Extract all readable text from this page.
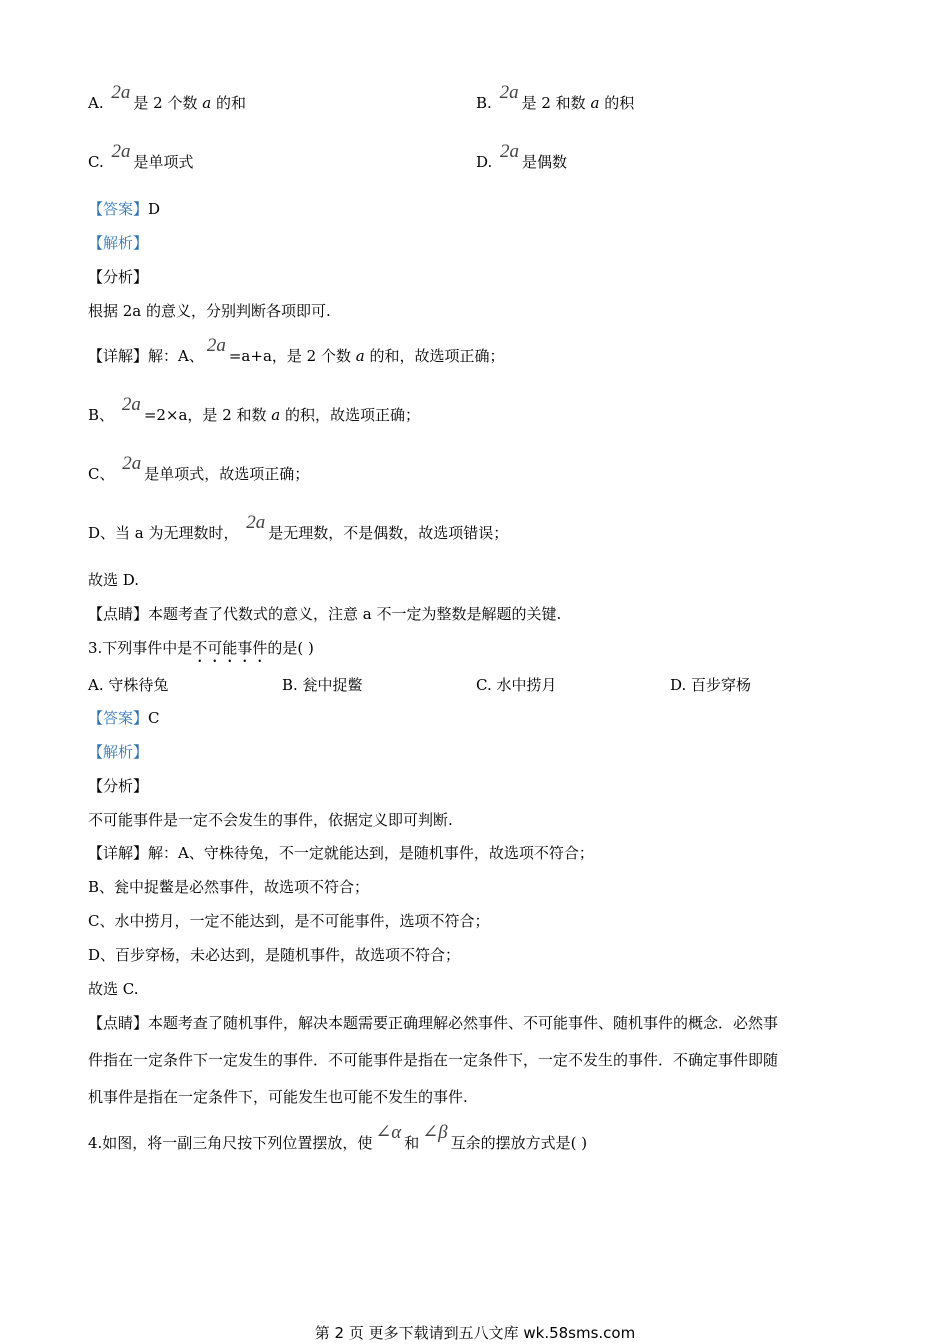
A. 2a 是 2 个数 a 的和	B. 2a 是 2 和数 a 的积
C. 2a 是单项式	D. 2a 是偶数
【答案】D
【解析】
【分析】
根据 2a 的意义，分别判断各项即可.
【详解】解：A、 2a =a+a，是 2 个数 a 的和，故选项正确；
B、 2a =2×a，是 2 和数 a 的积，故选项正确；
C、 2a 是单项式，故选项正确；
D、当 a 为无理数时， 2a 是无理数，不是偶数，故选项错误；
故选 D.
【点睛】本题考查了代数式的意义，注意 a 不一定为整数是解题的关键.
3.下列事件中是不可能事件的是( )
A. 守株待兔	B. 瓮中捉鳖	C. 水中捞月	D. 百步穿杨
【答案】C
【解析】
【分析】
不可能事件是一定不会发生的事件，依据定义即可判断.
【详解】解：A、守株待兔，不一定就能达到，是随机事件，故选项不符合；
B、瓮中捉鳖是必然事件，故选项不符合；
C、水中捞月，一定不能达到，是不可能事件，选项不符合；
D、百步穿杨，未必达到，是随机事件，故选项不符合；
故选 C.
【点睛】本题考查了随机事件，解决本题需要正确理解必然事件、不可能事件、随机事件的概念．必然事
件指在一定条件下一定发生的事件．不可能事件是指在一定条件下，一定不发生的事件．不确定事件即随
机事件是指在一定条件下，可能发生也可能不发生的事件.
4.如图，将一副三角尺按下列位置摆放，使 ∠α 和 ∠β 互余的摆放方式是( )
第 2 页 更多下载请到五八文库 wk.58sms.com
